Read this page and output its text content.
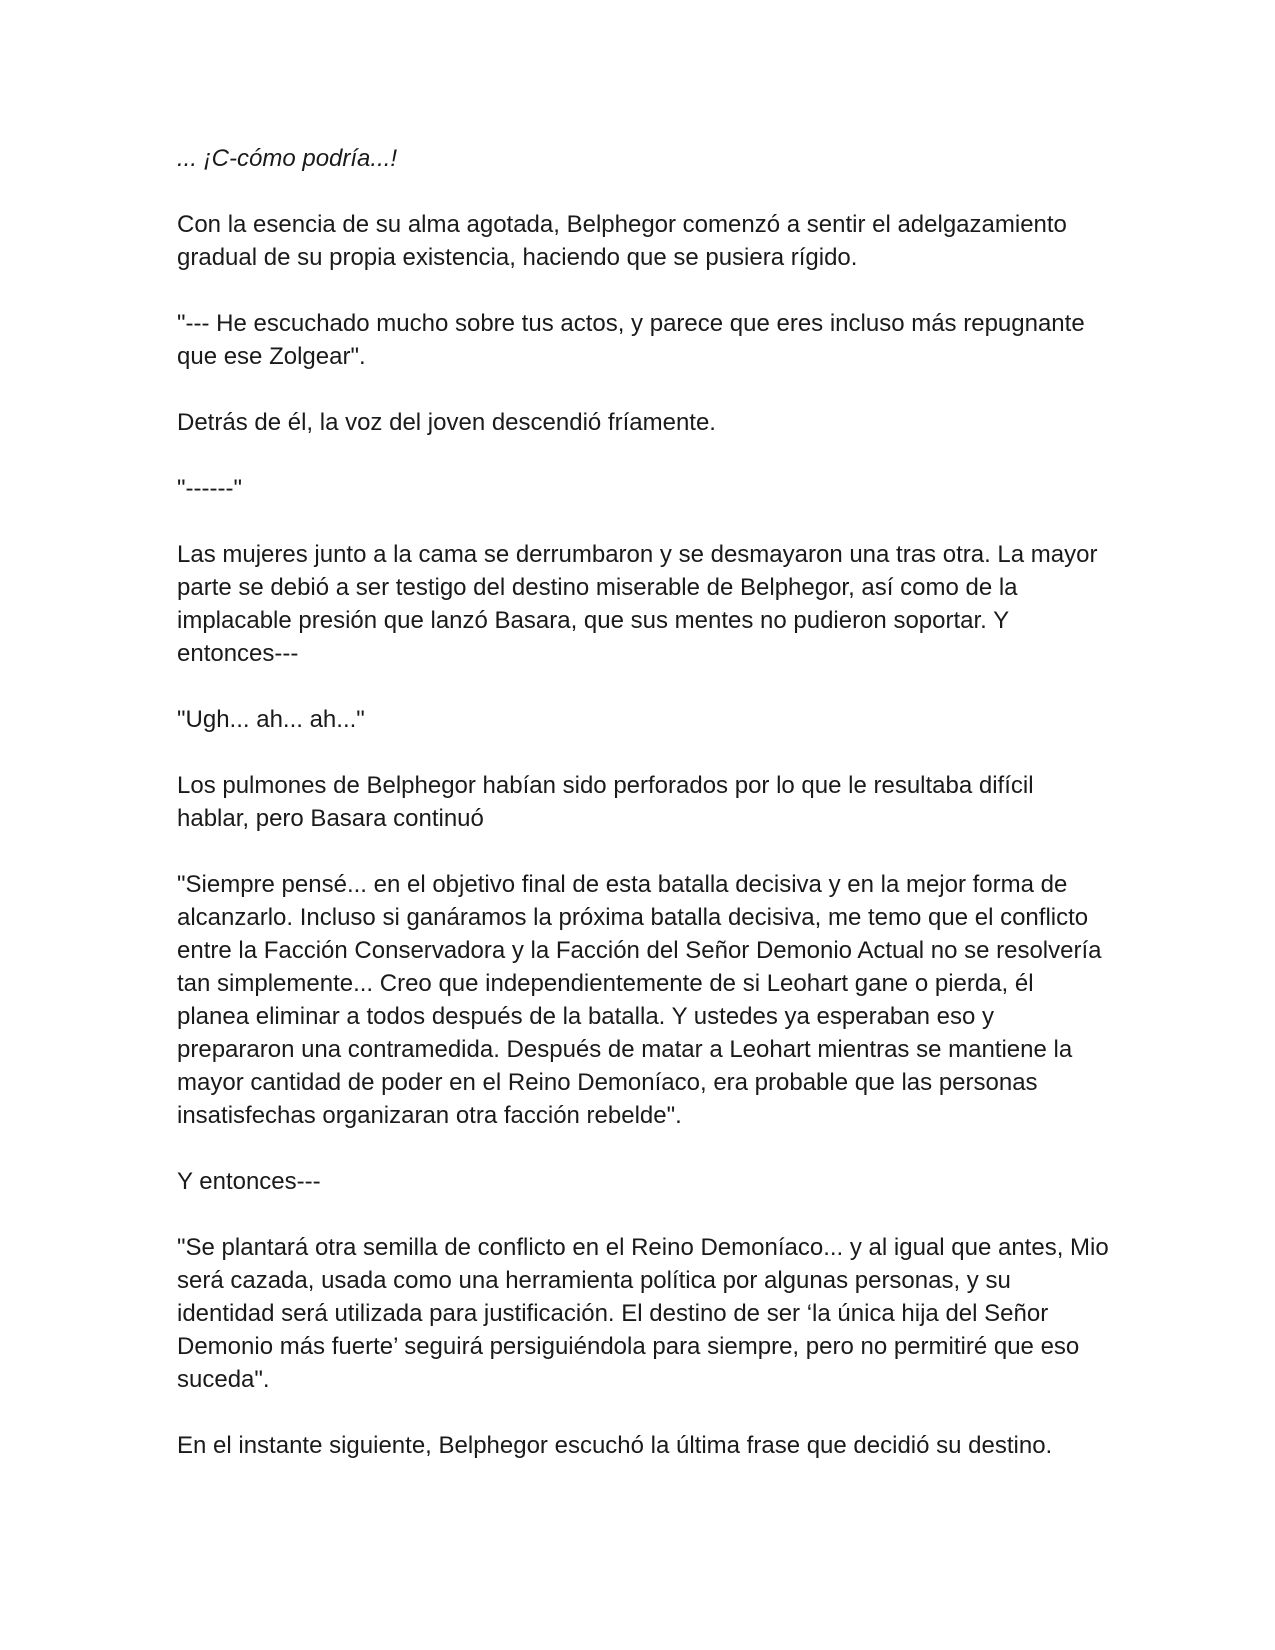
... ¡C-cómo podría...!

Con la esencia de su alma agotada, Belphegor comenzó a sentir el adelgazamiento gradual de su propia existencia, haciendo que se pusiera rígido.

"--- He escuchado mucho sobre tus actos, y parece que eres incluso más repugnante que ese Zolgear".

Detrás de él, la voz del joven descendió fríamente.

"------"

Las mujeres junto a la cama se derrumbaron y se desmayaron una tras otra. La mayor parte se debió a ser testigo del destino miserable de Belphegor, así como de la implacable presión que lanzó Basara, que sus mentes no pudieron soportar. Y entonces---

"Ugh... ah... ah..."

Los pulmones de Belphegor habían sido perforados por lo que le resultaba difícil hablar, pero Basara continuó

"Siempre pensé... en el objetivo final de esta batalla decisiva y en la mejor forma de alcanzarlo. Incluso si ganáramos la próxima batalla decisiva, me temo que el conflicto entre la Facción Conservadora y la Facción del Señor Demonio Actual no se resolvería tan simplemente... Creo que independientemente de si Leohart gane o pierda, él planea eliminar a todos después de la batalla. Y ustedes ya esperaban eso y prepararon una contramedida. Después de matar a Leohart mientras se mantiene la mayor cantidad de poder en el Reino Demoníaco, era probable que las personas insatisfechas organizaran otra facción rebelde".

Y entonces---

"Se plantará otra semilla de conflicto en el Reino Demoníaco... y al igual que antes, Mio será cazada, usada como una herramienta política por algunas personas, y su identidad será utilizada para justificación. El destino de ser ‘la única hija del Señor Demonio más fuerte’ seguirá persiguiéndola para siempre, pero no permitiré que eso suceda".

En el instante siguiente, Belphegor escuchó la última frase que decidió su destino.
